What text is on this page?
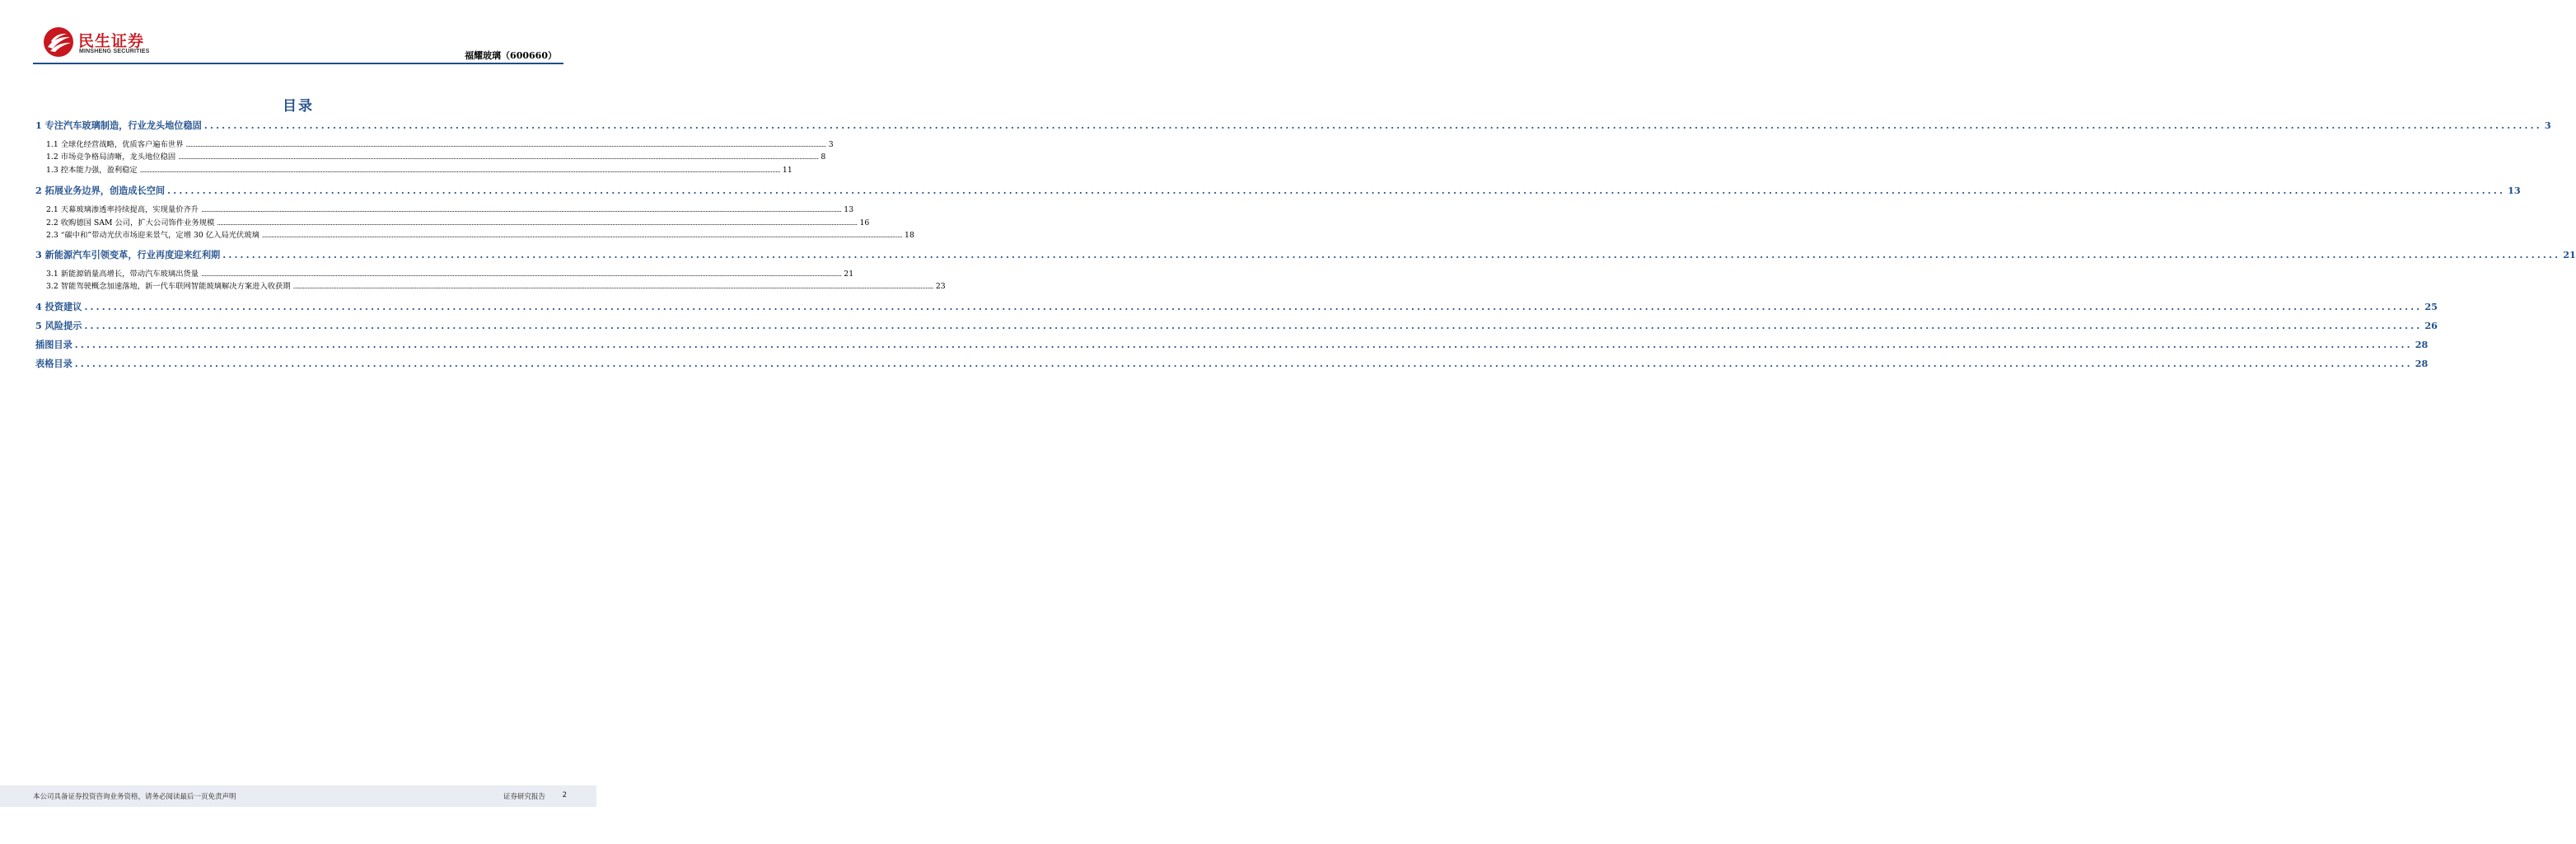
民生证券
MINSHENG SECURITIES	福耀玻璃（600660）
目录
1 专注汽车玻璃制造，行业龙头地位稳固 ................................................................................................................................................................................................................................................................................................................................................................................................................ 3
1.1 全球化经营战略，优质客户遍布世界 ................................................................................................................................................................................................................................................................................................................................................................................................................ 3
1.2 市场竞争格局清晰，龙头地位稳固 ................................................................................................................................................................................................................................................................................................................................................................................................................ 8
1.3 控本能力强，盈利稳定 ................................................................................................................................................................................................................................................................................................................................................................................................................ 11
2 拓展业务边界，创造成长空间 ................................................................................................................................................................................................................................................................................................................................................................................................................ 13
2.1 天幕玻璃渗透率持续提高，实现量价齐升 ................................................................................................................................................................................................................................................................................................................................................................................................................ 13
2.2 收购德国 SAM 公司，扩大公司饰件业务规模 ................................................................................................................................................................................................................................................................................................................................................................................................................ 16
2.3 “碳中和”带动光伏市场迎来景气，定增 30 亿入局光伏玻璃 ................................................................................................................................................................................................................................................................................................................................................................................................................ 18
3 新能源汽车引领变革，行业再度迎来红利期 ................................................................................................................................................................................................................................................................................................................................................................................................................ 21
3.1 新能源销量高增长，带动汽车玻璃出货量 ................................................................................................................................................................................................................................................................................................................................................................................................................ 21
3.2 智能驾驶概念加速落地，新一代车联网智能玻璃解决方案进入收获期 ................................................................................................................................................................................................................................................................................................................................................................................................................ 23
4 投资建议 ................................................................................................................................................................................................................................................................................................................................................................................................................ 25
5 风险提示 ................................................................................................................................................................................................................................................................................................................................................................................................................ 26
插图目录 ................................................................................................................................................................................................................................................................................................................................................................................................................ 28
表格目录 ................................................................................................................................................................................................................................................................................................................................................................................................................ 28
本公司具备证券投资咨询业务资格，请务必阅读最后一页免责声明	证券研究报告 2
